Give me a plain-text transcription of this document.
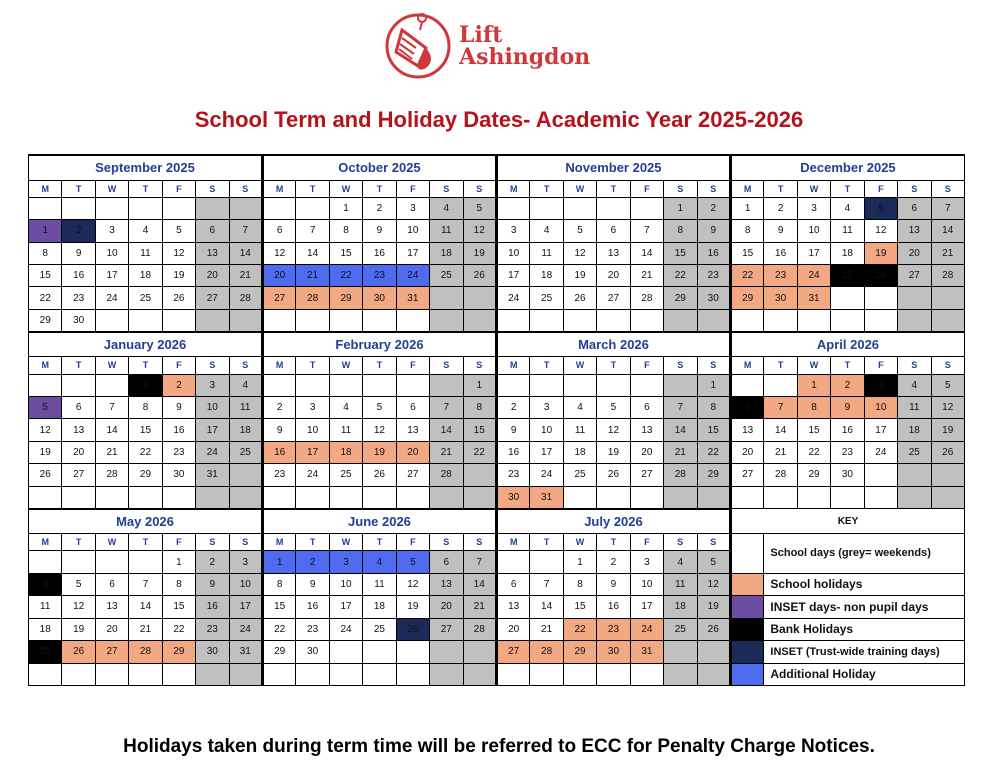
Lift
Ashingdon
School Term and Holiday Dates- Academic Year 2025-2026
September 2025							October 2025							November 2025							December 2025						
M	T	W	T	F	S	S	M	T	W	T	F	S	S	M	T	W	T	F	S	S	M	T	W	T	F	S	S
									1	2	3	4	5						1	2	1	2	3	4	5	6	7
1	2	3	4	5	6	7	6	7	8	9	10	11	12	3	4	5	6	7	8	9	8	9	10	11	12	13	14
8	9	10	11	12	13	14	12	14	15	16	17	18	19	10	11	12	13	14	15	16	15	16	17	18	19	20	21
15	16	17	18	19	20	21	20	21	22	23	24	25	26	17	18	19	20	21	22	23	22	23	24	25	26	27	28
22	23	24	25	26	27	28	27	28	29	30	31			24	25	26	27	28	29	30	29	30	31				
29	30																										
January 2026							February 2026							March 2026							April 2026						
M	T	W	T	F	S	S	M	T	W	T	F	S	S	M	T	W	T	F	S	S	M	T	W	T	F	S	S
			1	2	3	4							1							1			1	2	3	4	5
5	6	7	8	9	10	11	2	3	4	5	6	7	8	2	3	4	5	6	7	8	6	7	8	9	10	11	12
12	13	14	15	16	17	18	9	10	11	12	13	14	15	9	10	11	12	13	14	15	13	14	15	16	17	18	19
19	20	21	22	23	24	25	16	17	18	19	20	21	22	16	17	18	19	20	21	22	20	21	22	23	24	25	26
26	27	28	29	30	31		23	24	25	26	27	28		23	24	25	26	27	28	29	27	28	29	30			
														30	31												
May 2026							June 2026							July 2026							KEY						
M	T	W	T	F	S	S	M	T	W	T	F	S	S	M	T	W	T	F	S	S		School days (grey= weekends)					
				1	2	3	1	2	3	4	5	6	7			1	2	3	4	5							
4	5	6	7	8	9	10	8	9	10	11	12	13	14	6	7	8	9	10	11	12		School holidays					
11	12	13	14	15	16	17	15	16	17	18	19	20	21	13	14	15	16	17	18	19		INSET days- non pupil days					
18	19	20	21	22	23	24	22	23	24	25	26	27	28	20	21	22	23	24	25	26		Bank Holidays					
25	26	27	28	29	30	31	29	30						27	28	29	30	31				INSET (Trust-wide training days)					
																						Additional Holiday					
Holidays taken during term time will be referred to ECC for Penalty Charge Notices.
